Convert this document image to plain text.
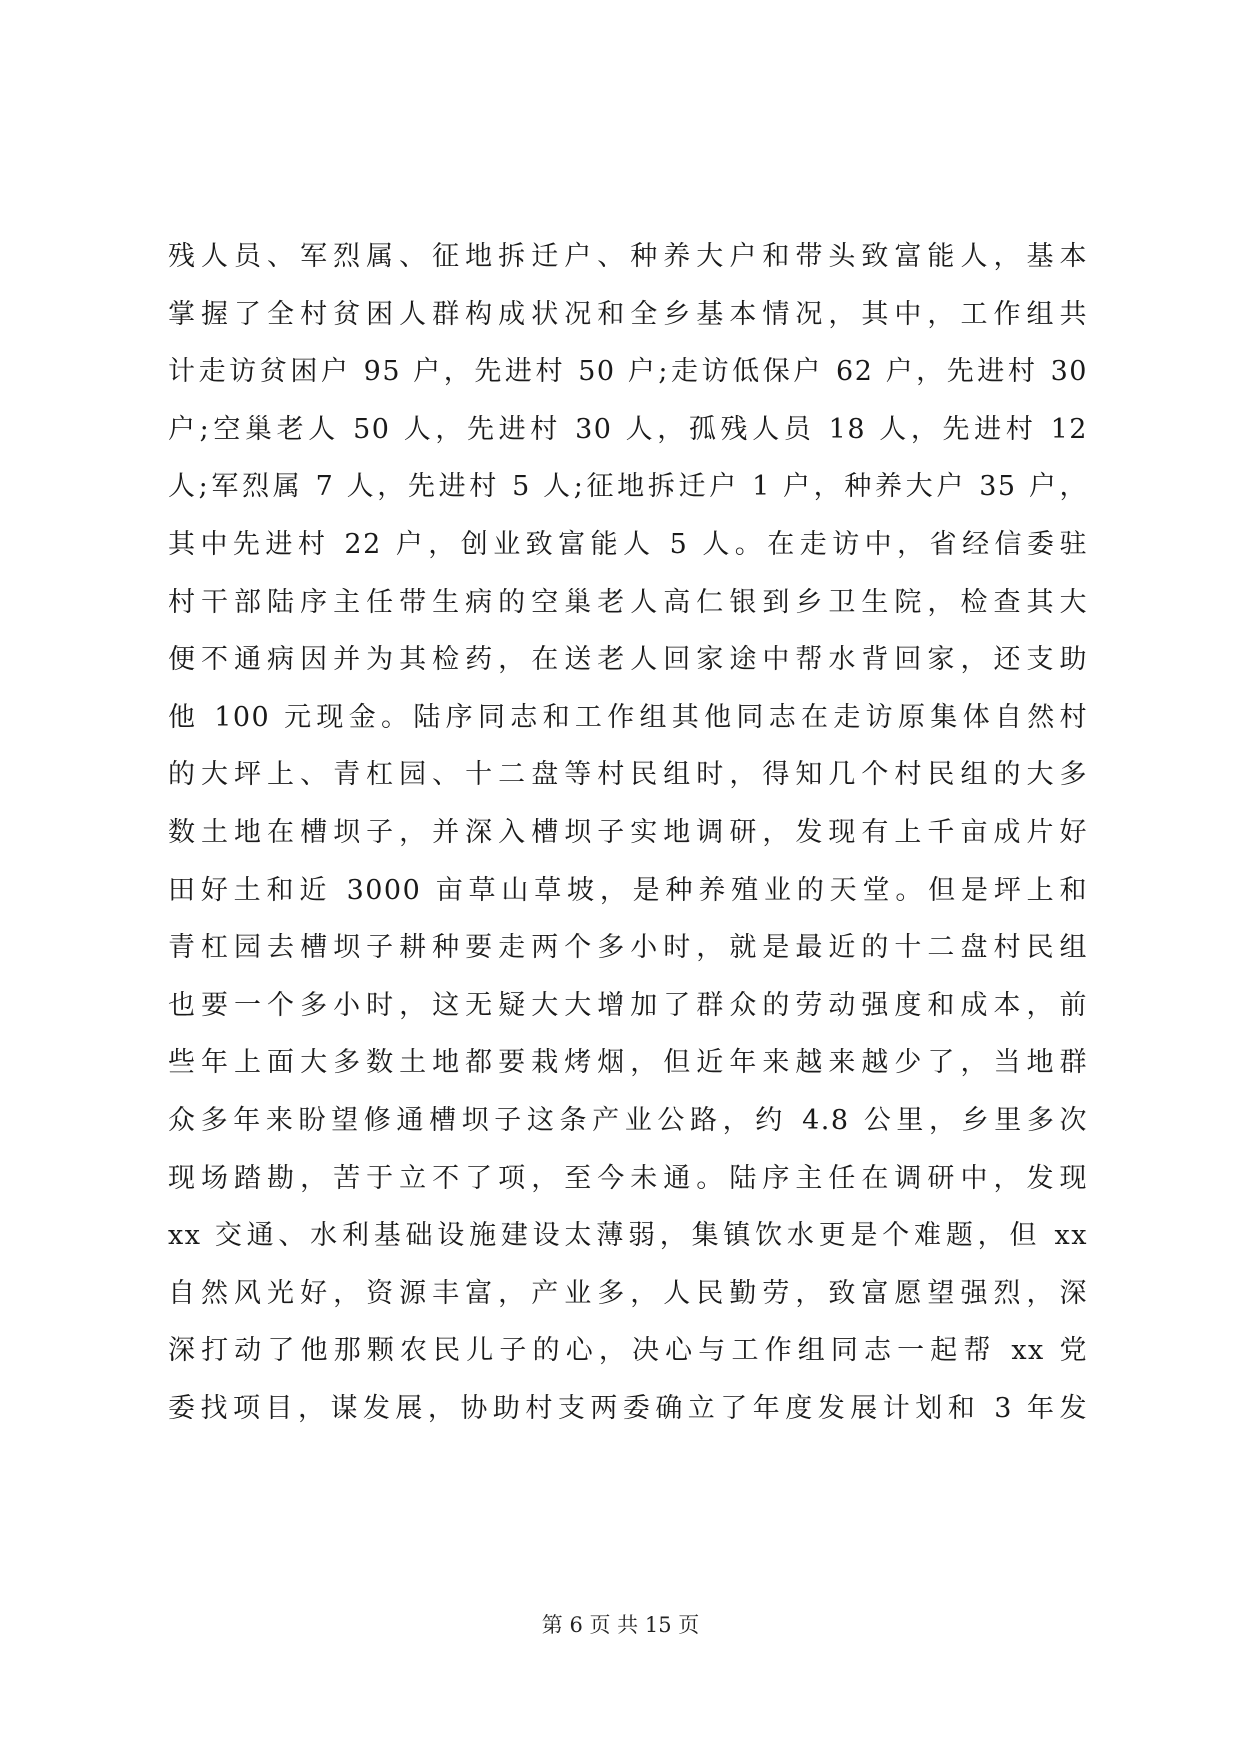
残人员、军烈属、征地拆迁户、种养大户和带头致富能人，基本
掌握了全村贫困人群构成状况和全乡基本情况，其中，工作组共
计走访贫困户 95 户，先进村 50 户;走访低保户 62 户，先进村 30
户;空巢老人 50 人，先进村 30 人，孤残人员 18 人，先进村 12
人;军烈属 7 人，先进村 5 人;征地拆迁户 1 户，种养大户 35 户，
其中先进村 22 户，创业致富能人 5 人。在走访中，省经信委驻
村干部陆序主任带生病的空巢老人高仁银到乡卫生院，检查其大
便不通病因并为其检药，在送老人回家途中帮水背回家，还支助
他 100 元现金。陆序同志和工作组其他同志在走访原集体自然村
的大坪上、青杠园、十二盘等村民组时，得知几个村民组的大多
数土地在槽坝子，并深入槽坝子实地调研，发现有上千亩成片好
田好土和近 3000 亩草山草坡，是种养殖业的天堂。但是坪上和
青杠园去槽坝子耕种要走两个多小时，就是最近的十二盘村民组
也要一个多小时，这无疑大大增加了群众的劳动强度和成本，前
些年上面大多数土地都要栽烤烟，但近年来越来越少了，当地群
众多年来盼望修通槽坝子这条产业公路，约 4.8 公里，乡里多次
现场踏勘，苦于立不了项，至今未通。陆序主任在调研中，发现
xx 交通、水利基础设施建设太薄弱，集镇饮水更是个难题，但 xx
自然风光好，资源丰富，产业多，人民勤劳，致富愿望强烈，深
深打动了他那颗农民儿子的心，决心与工作组同志一起帮 xx 党
委找项目，谋发展，协助村支两委确立了年度发展计划和 3 年发
第 6 页 共 15 页
